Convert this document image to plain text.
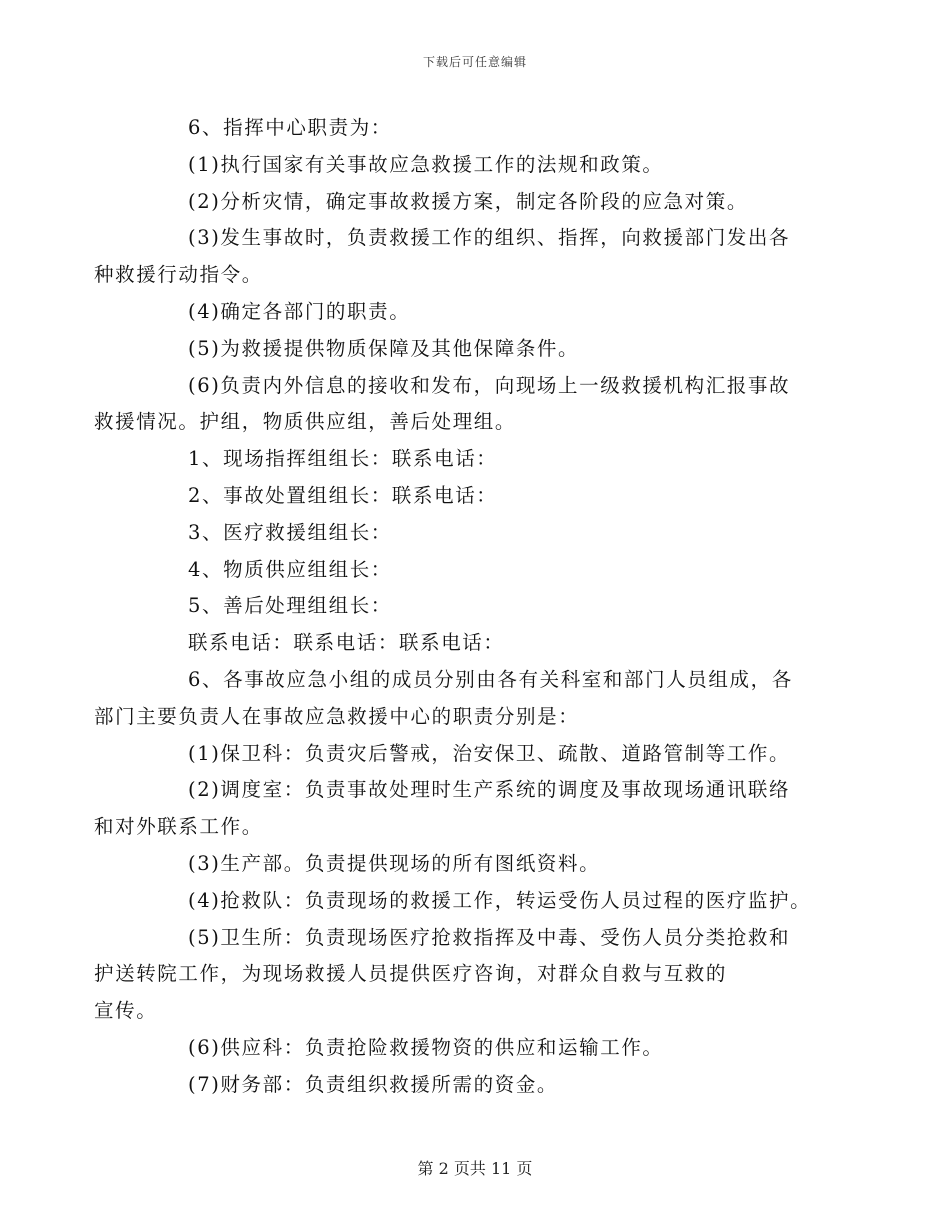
下载后可任意编辑

6、指挥中心职责为：

(1)执行国家有关事故应急救援工作的法规和政策。

(2)分析灾情，确定事故救援方案，制定各阶段的应急对策。

(3)发生事故时，负责救援工作的组织、指挥，向救援部门发出各
种救援行动指令。

(4)确定各部门的职责。

(5)为救援提供物质保障及其他保障条件。

(6)负责内外信息的接收和发布，向现场上一级救援机构汇报事故
救援情况。护组，物质供应组，善后处理组。

1、现场指挥组组长：联系电话：

2、事故处置组组长：联系电话：

3、医疗救援组组长：

4、物质供应组组长：

5、善后处理组组长：

联系电话：联系电话：联系电话：

6、各事故应急小组的成员分别由各有关科室和部门人员组成，各
部门主要负责人在事故应急救援中心的职责分别是：

(1)保卫科：负责灾后警戒，治安保卫、疏散、道路管制等工作。

(2)调度室：负责事故处理时生产系统的调度及事故现场通讯联络
和对外联系工作。

(3)生产部。负责提供现场的所有图纸资料。

(4)抢救队：负责现场的救援工作，转运受伤人员过程的医疗监护。

(5)卫生所：负责现场医疗抢救指挥及中毒、受伤人员分类抢救和
护送转院工作，为现场救援人员提供医疗咨询，对群众自救与互救的
宣传。

(6)供应科：负责抢险救援物资的供应和运输工作。

(7)财务部：负责组织救援所需的资金。

第 2 页共 11 页
